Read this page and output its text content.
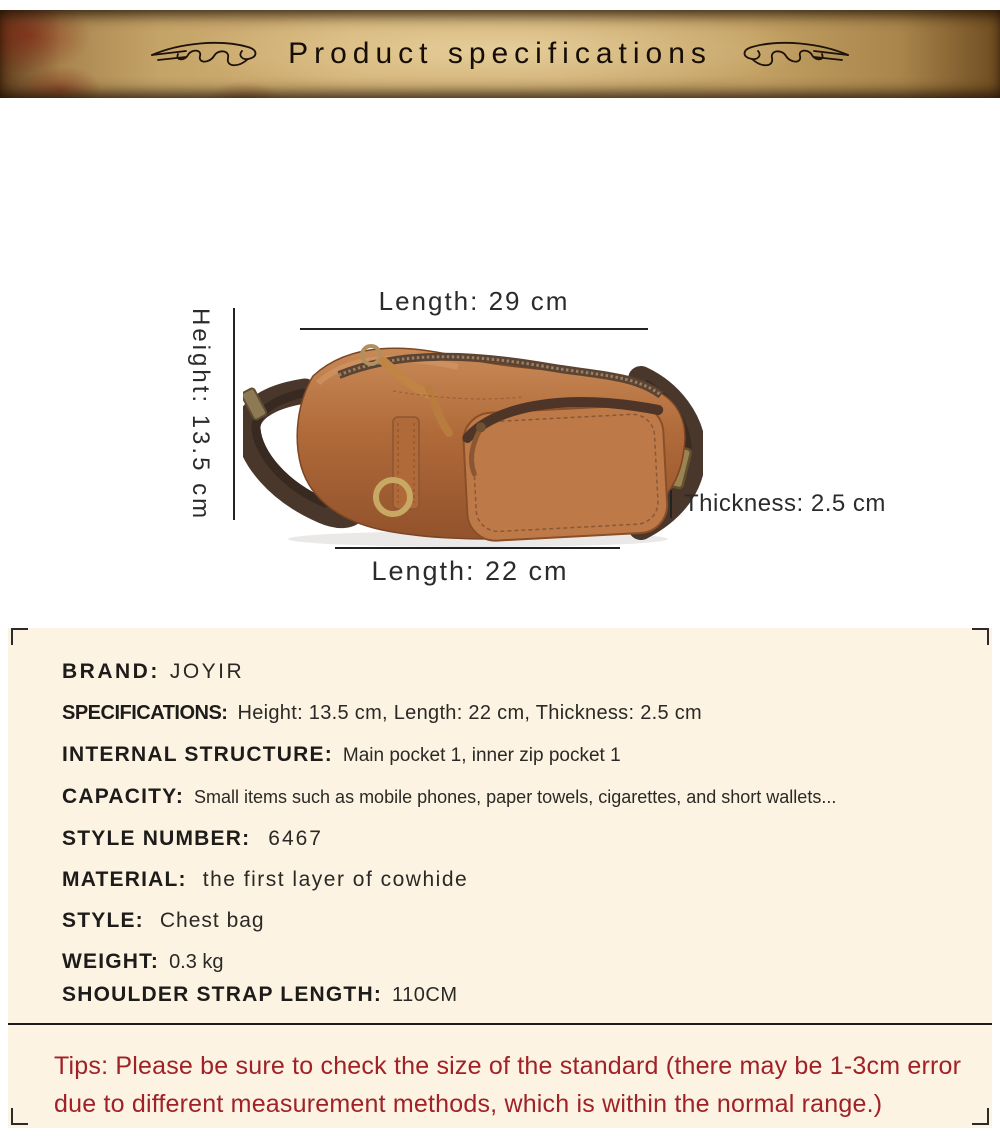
Product specifications
Length: 29 cm
Height: 13.5 cm	Thickness: 2.5 cm
Length: 22 cm
BRAND: JOYIR
SPECIFICATIONS: Height: 13.5 cm, Length: 22 cm, Thickness: 2.5 cm
INTERNAL STRUCTURE: Main pocket 1, inner zip pocket 1
CAPACITY: Small items such as mobile phones, paper towels, cigarettes, and short wallets...
STYLE NUMBER: 6467
MATERIAL: the first layer of cowhide
STYLE: Chest bag
WEIGHT: 0.3 kg
SHOULDER STRAP LENGTH: 110CM

Tips: Please be sure to check the size of the standard (there may be 1-3cm error due to different measurement methods, which is within the normal range.)
